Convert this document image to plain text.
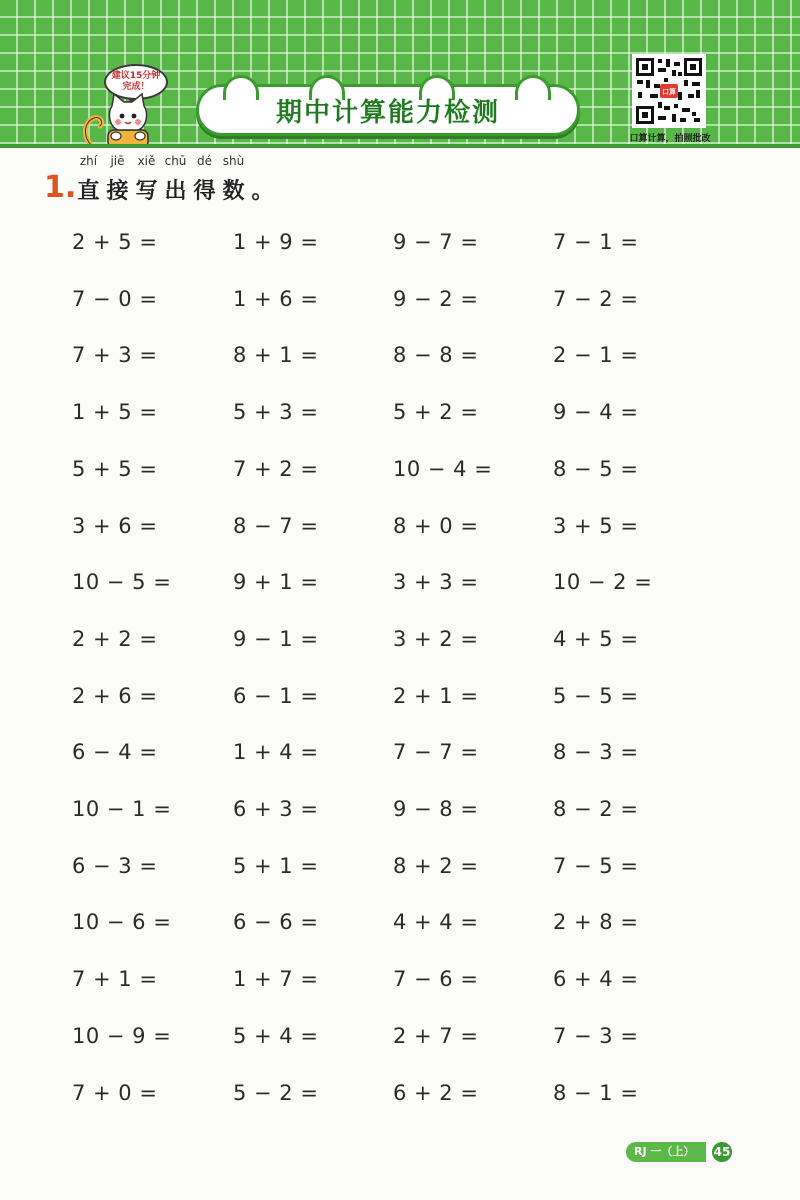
建议15分钟
完成！
期中计算能力检测
口算
口算计算，拍照批改
1.
zhí	jiē	xiě chū dé shù
直 接 写 出 得 数 。
2 + 5 =	1 + 9 =	9 − 7 =	7 − 1 =
7 − 0 =	1 + 6 =	9 − 2 =	7 − 2 =
7 + 3 =	8 + 1 =	8 − 8 =	2 − 1 =
1 + 5 =	5 + 3 =	5 + 2 =	9 − 4 =
5 + 5 =	7 + 2 =	10 − 4 =	8 − 5 =
3 + 6 =	8 − 7 =	8 + 0 =	3 + 5 =
10 − 5 =	9 + 1 =	3 + 3 =	10 − 2 =
2 + 2 =	9 − 1 =	3 + 2 =	4 + 5 =
2 + 6 =	6 − 1 =	2 + 1 =	5 − 5 =
6 − 4 =	1 + 4 =	7 − 7 =	8 − 3 =
10 − 1 =	6 + 3 =	9 − 8 =	8 − 2 =
6 − 3 =	5 + 1 =	8 + 2 =	7 − 5 =
10 − 6 =	6 − 6 =	4 + 4 =	2 + 8 =
7 + 1 =	1 + 7 =	7 − 6 =	6 + 4 =
10 − 9 =	5 + 4 =	2 + 7 =	7 − 3 =
7 + 0 =	5 − 2 =	6 + 2 =	8 − 1 =
RJ 一（上）	45
